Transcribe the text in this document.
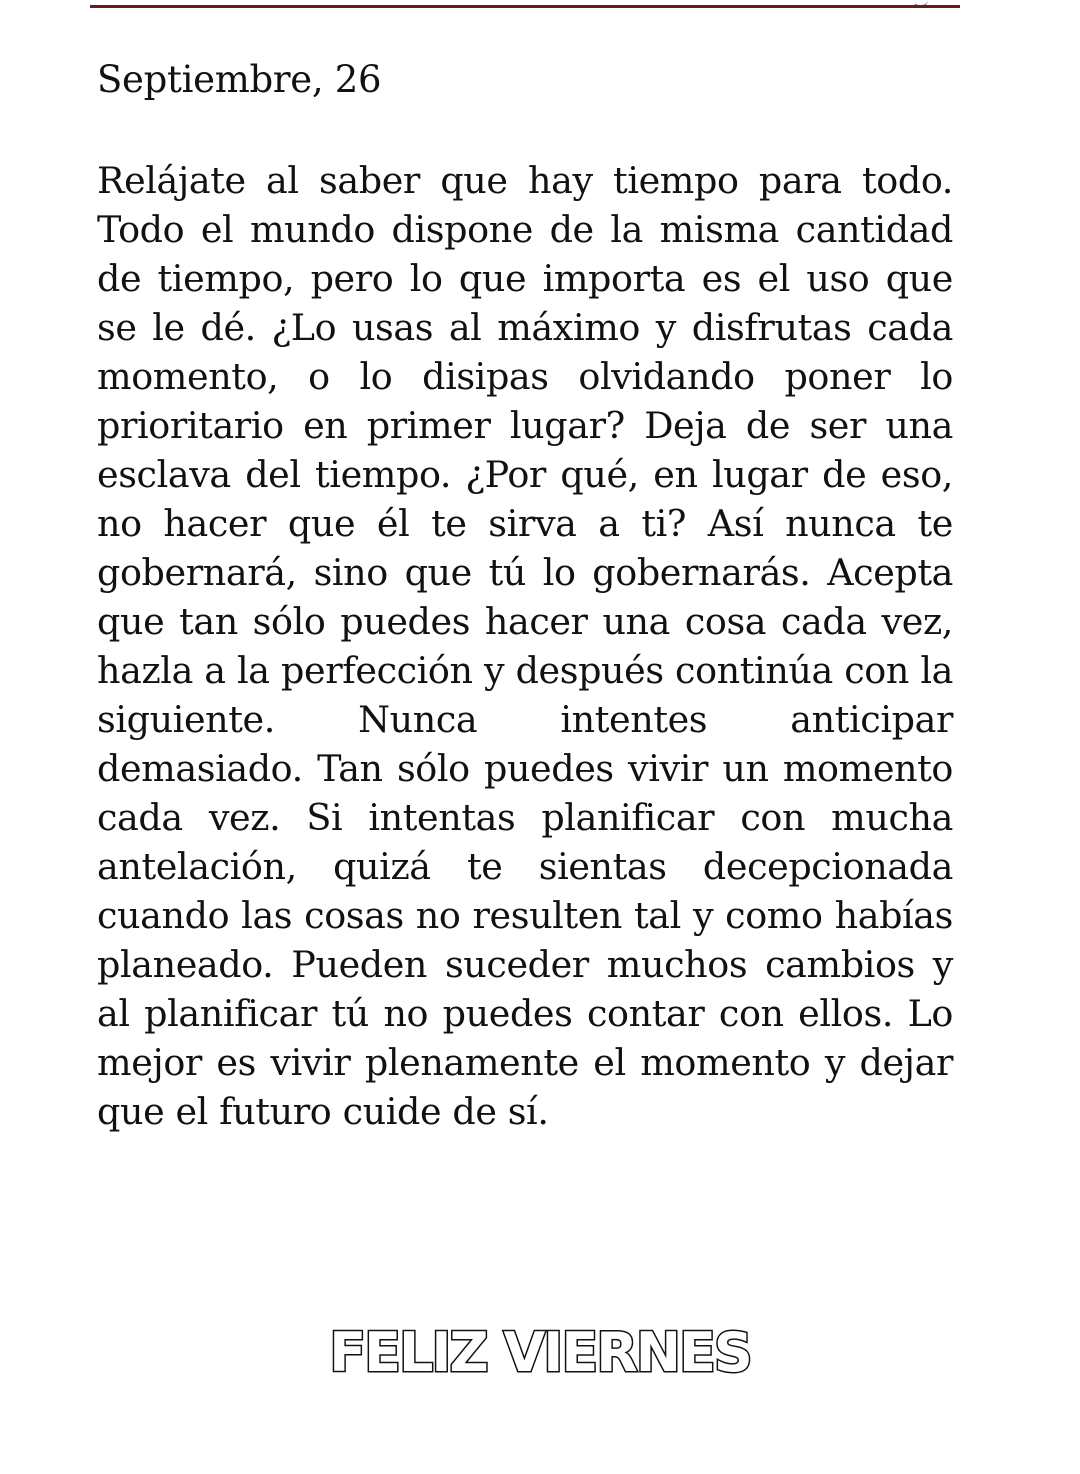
Septiembre, 26
Relájate al saber que hay tiempo para todo. Todo el mundo dispone de la misma cantidad de tiempo, pero lo que importa es el uso que se le dé. ¿Lo usas al máximo y disfrutas cada momento, o lo disipas olvidando poner lo prioritario en primer lugar? Deja de ser una esclava del tiempo. ¿Por qué, en lugar de eso, no hacer que él te sirva a ti? Así nunca te gobernará, sino que tú lo gobernarás. Acepta que tan sólo puedes hacer una cosa cada vez, hazla a la perfección y después continúa con la siguiente. Nunca intentes anticipar demasiado. Tan sólo puedes vivir un momento cada vez. Si intentas planificar con mucha antelación, quizá te sientas decepcionada cuando las cosas no resulten tal y como habías planeado. Pueden suceder muchos cambios y al planificar tú no puedes contar con ellos. Lo mejor es vivir plenamente el momento y dejar que el futuro cuide de sí.
FELIZ VIERNES
